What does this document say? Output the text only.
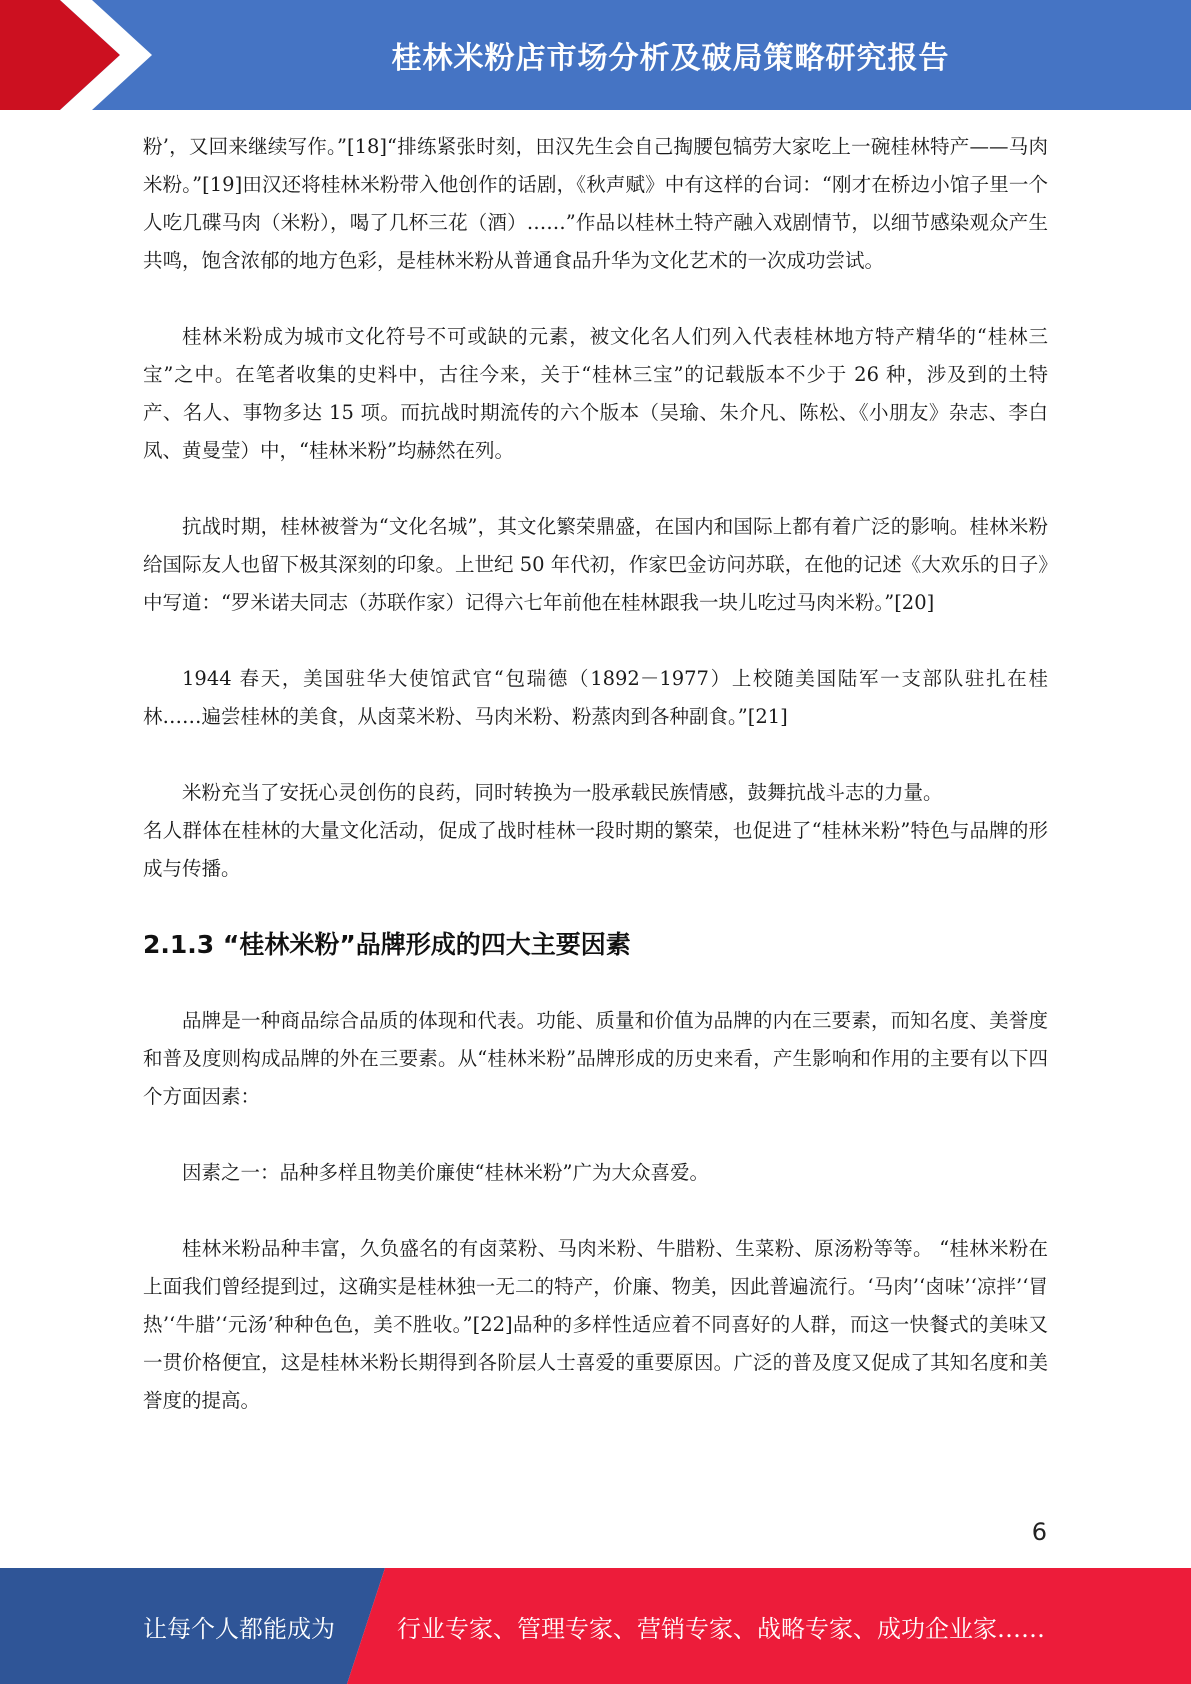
桂林米粉店市场分析及破局策略研究报告

粉’，又回来继续写作。”[18]“排练紧张时刻，田汉先生会自己掏腰包犒劳大家吃上一碗桂林特产——马肉米粉。”[19]田汉还将桂林米粉带入他创作的话剧，《秋声赋》中有这样的台词：“刚才在桥边小馆子里一个人吃几碟马肉（米粉），喝了几杯三花（酒）……”作品以桂林土特产融入戏剧情节，以细节感染观众产生共鸣，饱含浓郁的地方色彩，是桂林米粉从普通食品升华为文化艺术的一次成功尝试。

桂林米粉成为城市文化符号不可或缺的元素，被文化名人们列入代表桂林地方特产精华的“桂林三宝”之中。在笔者收集的史料中，古往今来，关于“桂林三宝”的记载版本不少于 26 种，涉及到的土特产、名人、事物多达 15 项。而抗战时期流传的六个版本（吴瑜、朱介凡、陈松、《小朋友》杂志、李白凤、黄曼莹）中，“桂林米粉”均赫然在列。

抗战时期，桂林被誉为“文化名城”，其文化繁荣鼎盛，在国内和国际上都有着广泛的影响。桂林米粉给国际友人也留下极其深刻的印象。上世纪 50 年代初，作家巴金访问苏联，在他的记述《大欢乐的日子》中写道：“罗米诺夫同志（苏联作家）记得六七年前他在桂林跟我一块儿吃过马肉米粉。”[20]

1944 春天，美国驻华大使馆武官“包瑞德（1892－1977）上校随美国陆军一支部队驻扎在桂林……遍尝桂林的美食，从卤菜米粉、马肉米粉、粉蒸肉到各种副食。”[21]

米粉充当了安抚心灵创伤的良药，同时转换为一股承载民族情感，鼓舞抗战斗志的力量。

名人群体在桂林的大量文化活动，促成了战时桂林一段时期的繁荣，也促进了“桂林米粉”特色与品牌的形成与传播。

2.1.3 “桂林米粉”品牌形成的四大主要因素

品牌是一种商品综合品质的体现和代表。功能、质量和价值为品牌的内在三要素，而知名度、美誉度和普及度则构成品牌的外在三要素。从“桂林米粉”品牌形成的历史来看，产生影响和作用的主要有以下四个方面因素：

因素之一：品种多样且物美价廉使“桂林米粉”广为大众喜爱。

桂林米粉品种丰富，久负盛名的有卤菜粉、马肉米粉、牛腊粉、生菜粉、原汤粉等等。 “桂林米粉在上面我们曾经提到过，这确实是桂林独一无二的特产，价廉、物美，因此普遍流行。‘马肉’‘卤味’‘凉拌’‘冒热’‘牛腊’‘元汤’种种色色，美不胜收。”[22]品种的多样性适应着不同喜好的人群，而这一快餐式的美味又一贯价格便宜，这是桂林米粉长期得到各阶层人士喜爱的重要原因。广泛的普及度又促成了其知名度和美誉度的提高。

6
让每个人都能成为	行业专家、管理专家、营销专家、战略专家、成功企业家……
